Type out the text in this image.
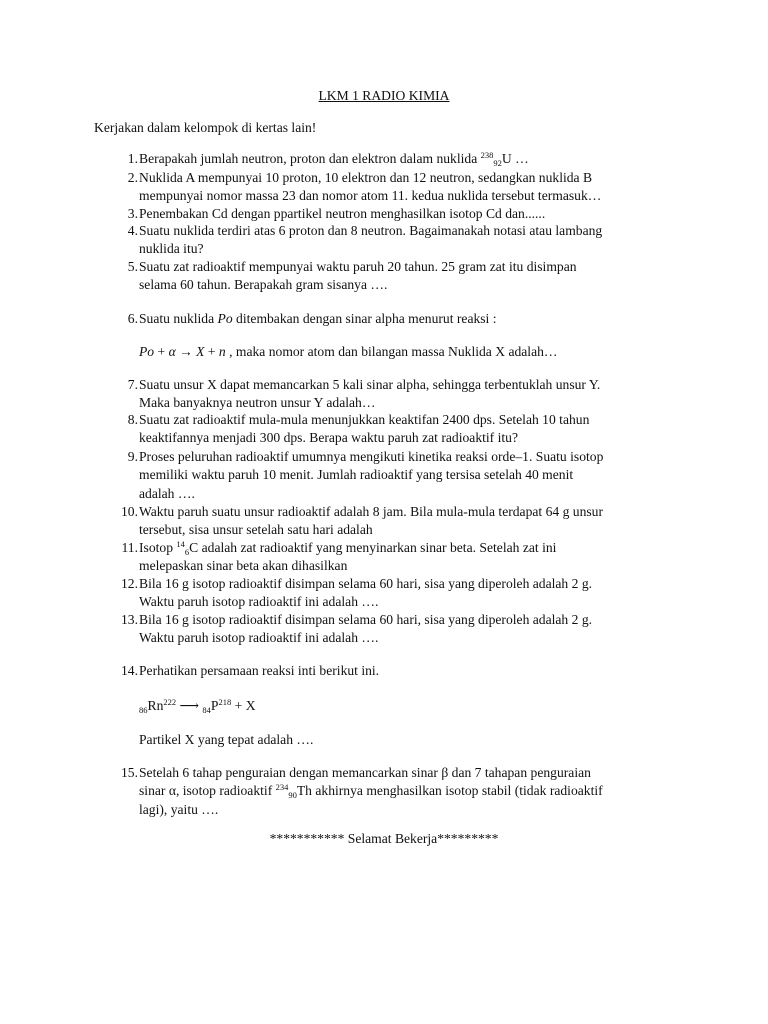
LKM 1 RADIO KIMIA
Kerjakan dalam kelompok di kertas lain!
1. Berapakah jumlah neutron, proton dan elektron dalam nuklida $^{238}_{92}$U …
2. Nuklida A mempunyai 10 proton, 10 elektron dan 12 neutron, sedangkan nuklida B
mempunyai nomor massa 23 dan nomor atom 11. kedua nuklida tersebut termasuk…
3. Penembakan Cd dengan ppartikel neutron menghasilkan isotop Cd dan......
4. Suatu nuklida terdiri atas 6 proton dan 8 neutron. Bagaimanakah notasi atau lambang
nuklida itu?
5. Suatu zat radioaktif mempunyai waktu paruh 20 tahun. 25 gram zat itu disimpan
selama 60 tahun. Berapakah gram sisanya ….
6. Suatu nuklida Po ditembakan dengan sinar alpha menurut reaksi :
Po + α → X + n , maka nomor atom dan bilangan massa Nuklida X adalah…
7. Suatu unsur X dapat memancarkan 5 kali sinar alpha, sehingga terbentuklah unsur Y.
Maka banyaknya neutron unsur Y adalah…
8. Suatu zat radioaktif mula-mula menunjukkan keaktifan 2400 dps. Setelah 10 tahun
keaktifannya menjadi 300 dps. Berapa waktu paruh zat radioaktif itu?
9. Proses peluruhan radioaktif umumnya mengikuti kinetika reaksi orde–1. Suatu isotop
memiliki waktu paruh 10 menit. Jumlah radioaktif yang tersisa setelah 40 menit
adalah ….
10. Waktu paruh suatu unsur radioaktif adalah 8 jam. Bila mula-mula terdapat 64 g unsur
tersebut, sisa unsur setelah satu hari adalah
11. Isotop $^{14}_6$C adalah zat radioaktif yang menyinarkan sinar beta. Setelah zat ini
melepaskan sinar beta akan dihasilkan
12. Bila 16 g isotop radioaktif disimpan selama 60 hari, sisa yang diperoleh adalah 2 g.
Waktu paruh isotop radioaktif ini adalah ….
13. Bila 16 g isotop radioaktif disimpan selama 60 hari, sisa yang diperoleh adalah 2 g.
Waktu paruh isotop radioaktif ini adalah ….
14. Perhatikan persamaan reaksi inti berikut ini.
$_{86}Rn^{222}$ ⟶ $_{84}P^{218} + X$
Partikel X yang tepat adalah ….
15. Setelah 6 tahap penguraian dengan memancarkan sinar β dan 7 tahapan penguraian
sinar α, isotop radioaktif $^{234}_{90}$Th akhirnya menghasilkan isotop stabil (tidak radioaktif
lagi), yaitu ….
*********** Selamat Bekerja*********
